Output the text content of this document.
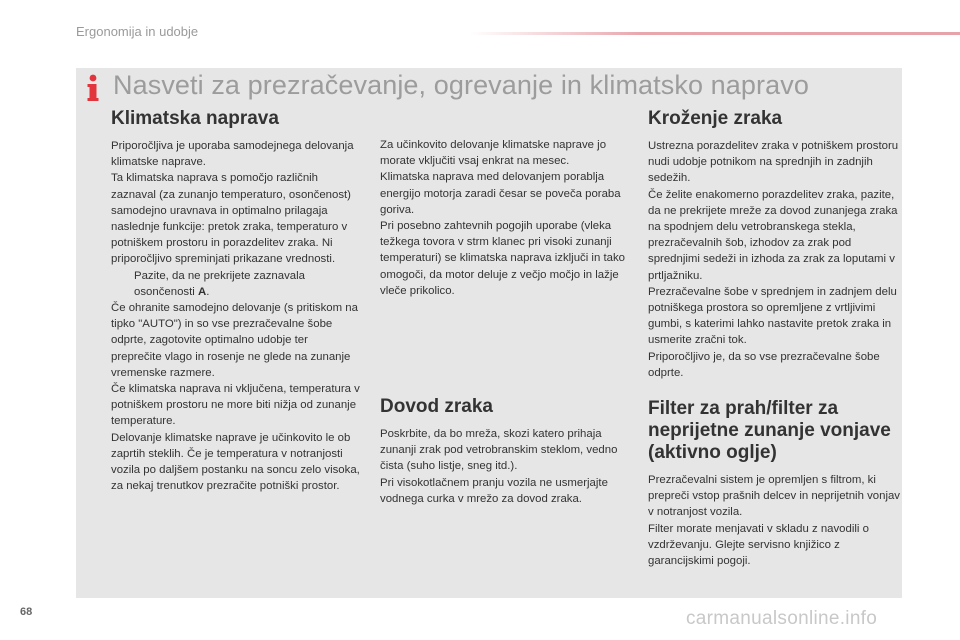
Ergonomija in udobje
Nasveti za prezračevanje, ogrevanje in klimatsko napravo
Klimatska naprava

Priporočljiva je uporaba samodejnega delovanja klimatske naprave.

Ta klimatska naprava s pomočjo različnih zaznaval (za zunanjo temperaturo, osončenost) samodejno uravnava in optimalno prilagaja naslednje funkcije: pretok zraka, temperaturo v potniškem prostoru in porazdelitev zraka. Ni priporočljivo spreminjati prikazane vrednosti.

Pazite, da ne prekrijete zaznavala osončenosti A.

Če ohranite samodejno delovanje (s pritiskom na tipko "AUTO") in so vse prezračevalne šobe odprte, zagotovite optimalno udobje ter preprečite vlago in rosenje ne glede na zunanje vremenske razmere.

Če klimatska naprava ni vključena, temperatura v potniškem prostoru ne more biti nižja od zunanje temperature.

Delovanje klimatske naprave je učinkovito le ob zaprtih steklih. Če je temperatura v notranjosti vozila po daljšem postanku na soncu zelo visoka, za nekaj trenutkov prezračite potniški prostor.

Za učinkovito delovanje klimatske naprave jo morate vključiti vsaj enkrat na mesec.

Klimatska naprava med delovanjem porablja energijo motorja zaradi česar se poveča poraba goriva.

Pri posebno zahtevnih pogojih uporabe (vleka težkega tovora v strm klanec pri visoki zunanji temperaturi) se klimatska naprava izključi in tako omogoči, da motor deluje z večjo močjo in lažje vleče prikolico.

Dovod zraka

Poskrbite, da bo mreža, skozi katero prihaja zunanji zrak pod vetrobranskim steklom, vedno čista (suho listje, sneg itd.).

Pri visokotlačnem pranju vozila ne usmerjajte vodnega curka v mrežo za dovod zraka.

Kroženje zraka

Ustrezna porazdelitev zraka v potniškem prostoru nudi udobje potnikom na sprednjih in zadnjih sedežih.

Če želite enakomerno porazdelitev zraka, pazite, da ne prekrijete mreže za dovod zunanjega zraka na spodnjem delu vetrobranskega stekla, prezračevalnih šob, izhodov za zrak pod sprednjimi sedeži in izhoda za zrak za loputami v prtljažniku.

Prezračevalne šobe v sprednjem in zadnjem delu potniškega prostora so opremljene z vrtljivimi gumbi, s katerimi lahko nastavite pretok zraka in usmerite zračni tok.

Priporočljivo je, da so vse prezračevalne šobe odprte.

Filter za prah/filter za neprijetne zunanje vonjave (aktivno oglje)

Prezračevalni sistem je opremljen s filtrom, ki prepreči vstop prašnih delcev in neprijetnih vonjav v notranjost vozila.

Filter morate menjavati v skladu z navodili o vzdrževanju. Glejte servisno knjižico z garancijskimi pogoji.

68	carmanualsonline.info
